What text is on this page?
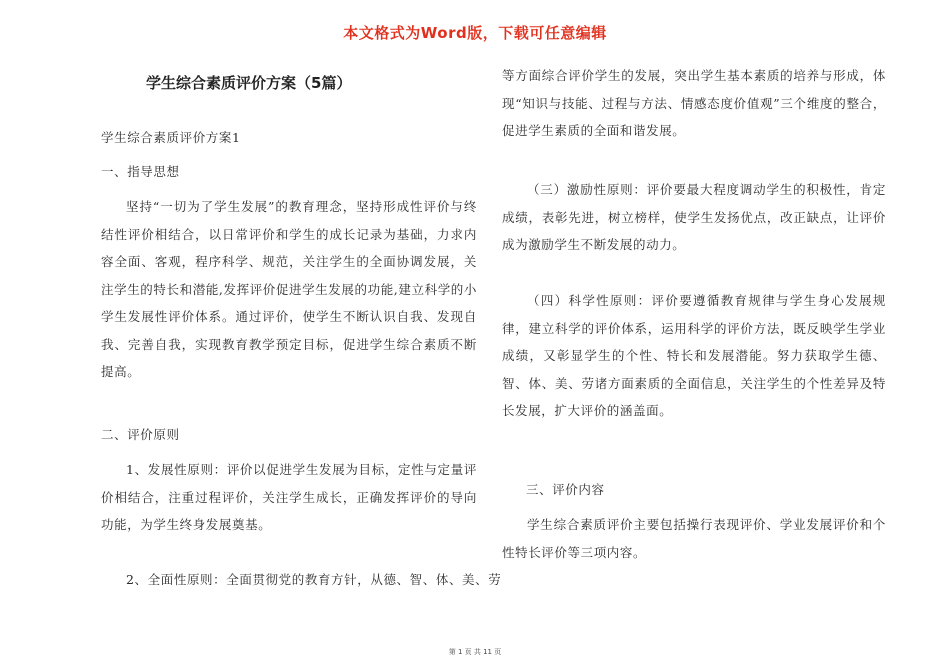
本文格式为Word版，下载可任意编辑
学生综合素质评价方案（5篇）
学生综合素质评价方案1
一、指导思想
坚持“一切为了学生发展”的教育理念，坚持形成性评价与终结性评价相结合，以日常评价和学生的成长记录为基础，力求内容全面、客观，程序科学、规范，关注学生的全面协调发展，关注学生的特长和潜能,发挥评价促进学生发展的功能,建立科学的小学生发展性评价体系。通过评价，使学生不断认识自我、发现自我、完善自我，实现教育教学预定目标，促进学生综合素质不断提高。
二、评价原则
1、发展性原则：评价以促进学生发展为目标，定性与定量评价相结合，注重过程评价，关注学生成长，正确发挥评价的导向功能，为学生终身发展奠基。
2、全面性原则：全面贯彻党的教育方针，从德、智、体、美、劳
等方面综合评价学生的发展，突出学生基本素质的培养与形成，体现“知识与技能、过程与方法、情感态度价值观”三个维度的整合，促进学生素质的全面和谐发展。
（三）激励性原则：评价要最大程度调动学生的积极性，肯定成绩，表彰先进，树立榜样，使学生发扬优点，改正缺点，让评价成为激励学生不断发展的动力。
（四）科学性原则：评价要遵循教育规律与学生身心发展规律，建立科学的评价体系，运用科学的评价方法，既反映学生学业成绩，又彰显学生的个性、特长和发展潜能。努力获取学生德、智、体、美、劳诸方面素质的全面信息，关注学生的个性差异及特长发展，扩大评价的涵盖面。
三、评价内容
学生综合素质评价主要包括操行表现评价、学业发展评价和个性特长评价等三项内容。
第 1 页 共 11 页
